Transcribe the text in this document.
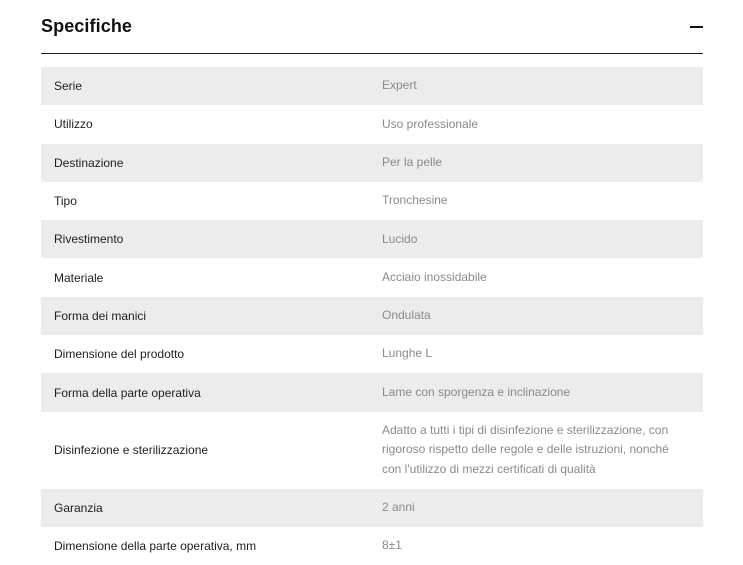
Specifiche
Serie	Expert
Utilizzo	Uso professionale
Destinazione	Per la pelle
Tipo	Tronchesine
Rivestimento	Lucido
Materiale	Acciaio inossidabile
Forma dei manici	Ondulata
Dimensione del prodotto	Lunghe L
Forma della parte operativa	Lame con sporgenza e inclinazione
Disinfezione e sterilizzazione	Adatto a tutti i tipi di disinfezione e sterilizzazione, con rigoroso rispetto delle regole e delle istruzioni, nonché con l'utilizzo di mezzi certificati di qualità
Garanzia	2 anni
Dimensione della parte operativa, mm	8±1
